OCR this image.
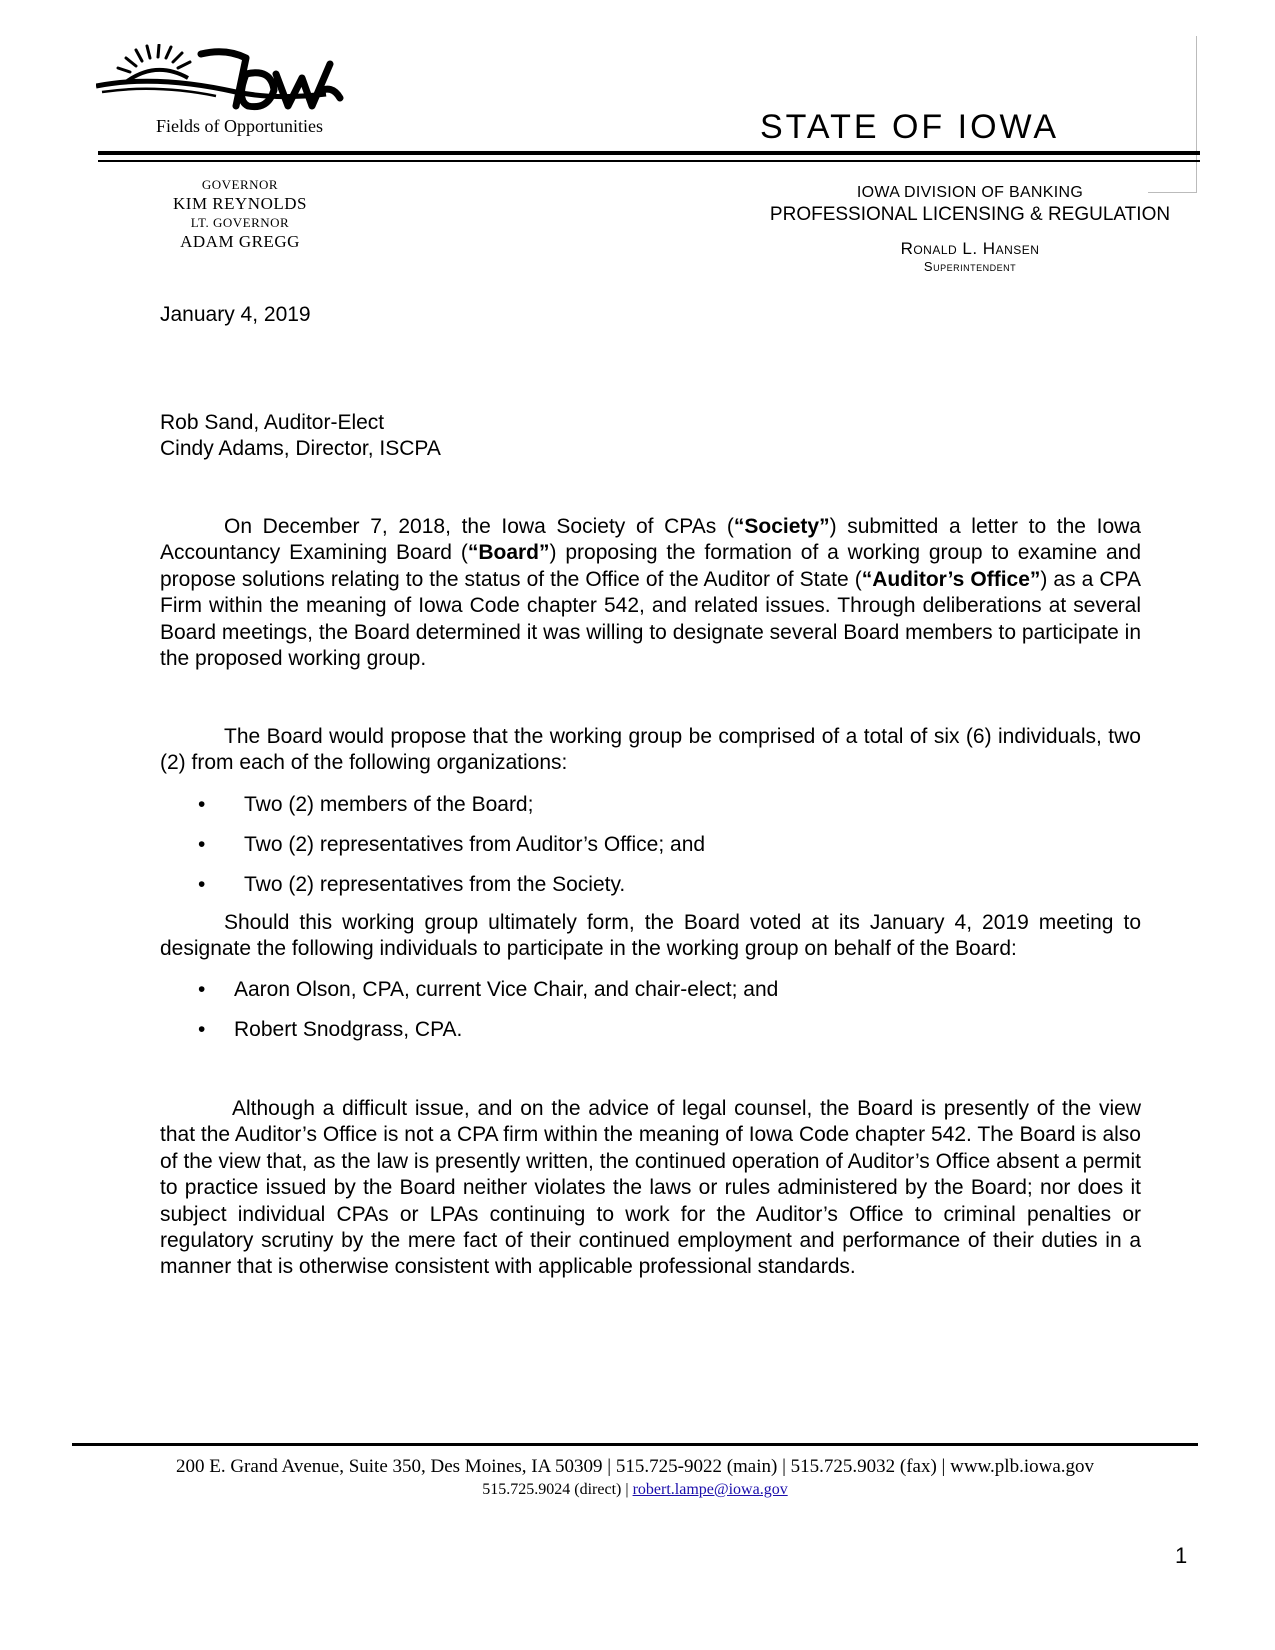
Fields of Opportunities	STATE OF IOWA
GOVERNOR
KIM REYNOLDS
LT. GOVERNOR
ADAM GREGG
IOWA DIVISION OF BANKING
PROFESSIONAL LICENSING & REGULATION
Ronald L. Hansen
Superintendent
January 4, 2019
Rob Sand, Auditor-Elect
Cindy Adams, Director, ISCPA

On December 7, 2018, the Iowa Society of CPAs (“Society”) submitted a letter to the Iowa Accountancy Examining Board (“Board”) proposing the formation of a working group to examine and propose solutions relating to the status of the Office of the Auditor of State (“Auditor’s Office”) as a CPA Firm within the meaning of Iowa Code chapter 542, and related issues. Through deliberations at several Board meetings, the Board determined it was willing to designate several Board members to participate in the proposed working group.

The Board would propose that the working group be comprised of a total of six (6) individuals, two (2) from each of the following organizations:

• Two (2) members of the Board;
• Two (2) representatives from Auditor’s Office; and
• Two (2) representatives from the Society.

Should this working group ultimately form, the Board voted at its January 4, 2019 meeting to designate the following individuals to participate in the working group on behalf of the Board:

• Aaron Olson, CPA, current Vice Chair, and chair-elect; and
• Robert Snodgrass, CPA.

Although a difficult issue, and on the advice of legal counsel, the Board is presently of the view that the Auditor’s Office is not a CPA firm within the meaning of Iowa Code chapter 542. The Board is also of the view that, as the law is presently written, the continued operation of Auditor’s Office absent a permit to practice issued by the Board neither violates the laws or rules administered by the Board; nor does it subject individual CPAs or LPAs continuing to work for the Auditor’s Office to criminal penalties or regulatory scrutiny by the mere fact of their continued employment and performance of their duties in a manner that is otherwise consistent with applicable professional standards.

200 E. Grand Avenue, Suite 350, Des Moines, IA 50309 | 515.725-9022 (main) | 515.725.9032 (fax) | www.plb.iowa.gov
515.725.9024 (direct) | robert.lampe@iowa.gov
1
